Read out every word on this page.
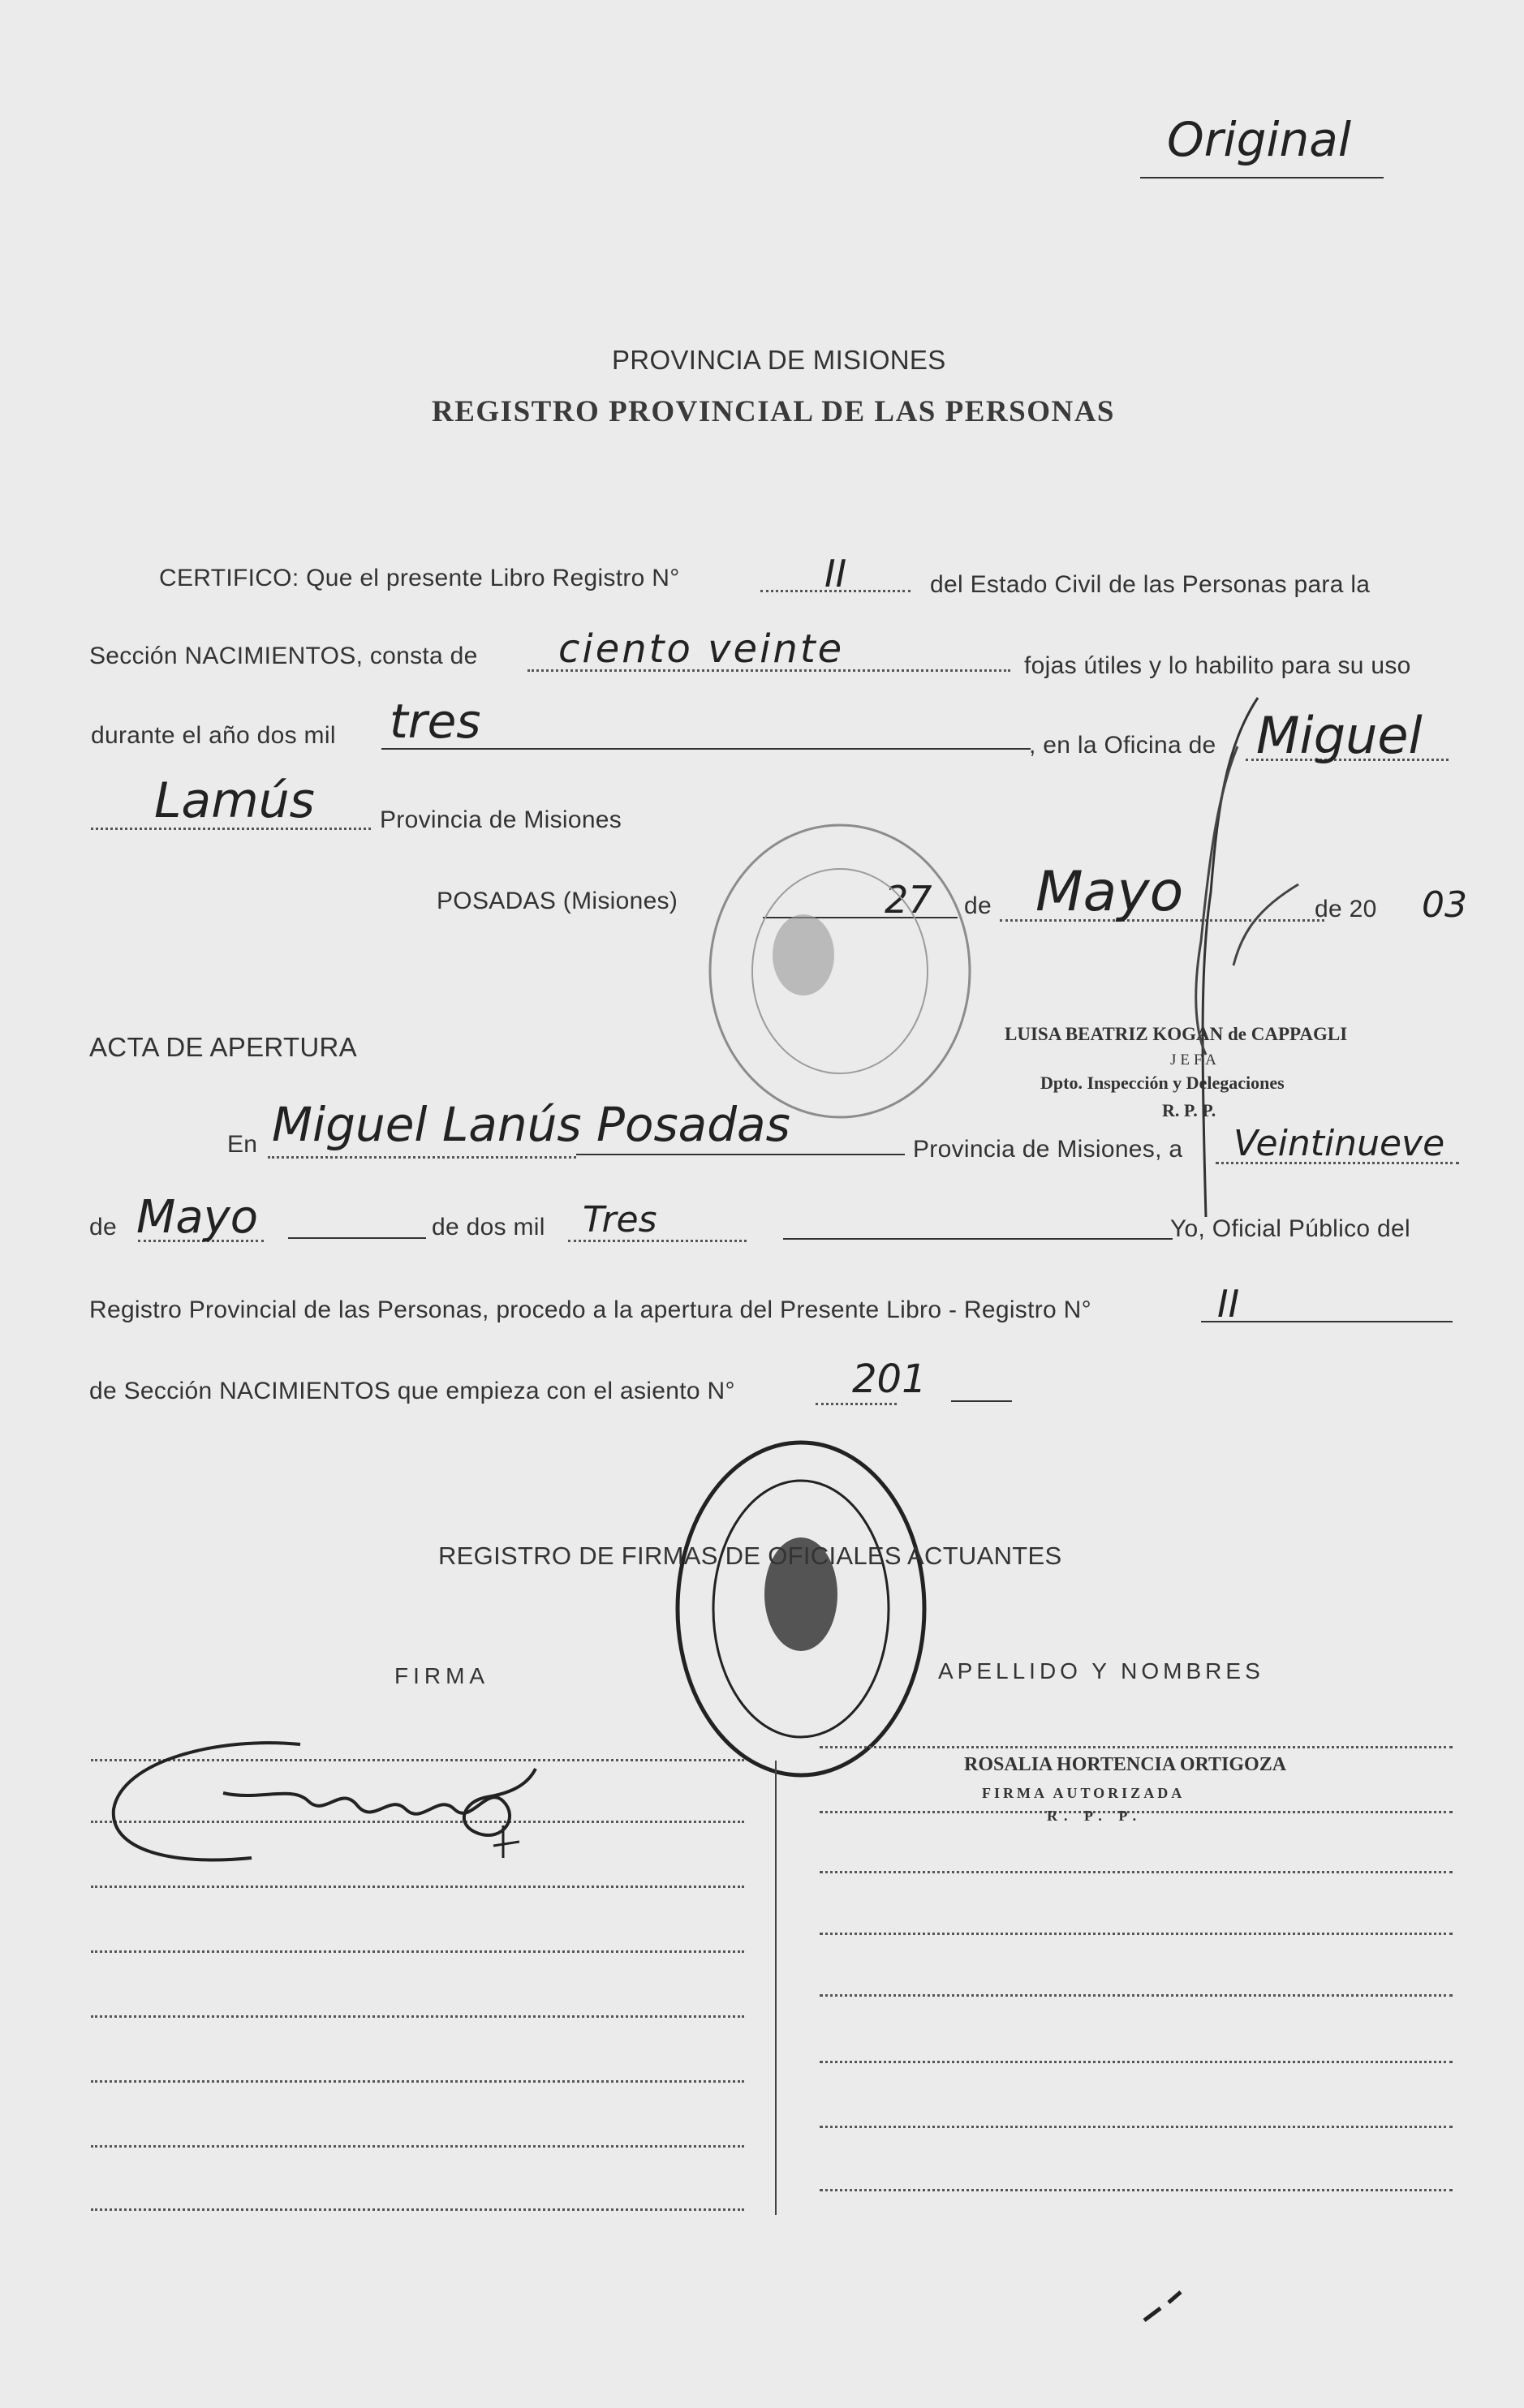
Original
PROVINCIA DE MISIONES
REGISTRO PROVINCIAL DE LAS PERSONAS
CERTIFICO: Que el presente Libro Registro N°	II	del Estado Civil de las Personas para la
Sección NACIMIENTOS, consta de ciento veinte	fojas útiles y lo habilito para su uso
durante el año dos mil tres	, en la Oficina de Miguel
Lamús	Provincia de Misiones
POSADAS (Misiones)	27 de Mayo	de 20 03
LUISA BEATRIZ KOGAN de CAPPAGLI
JEFA
Dpto. Inspección y Delegaciones
R. P. P.
ACTA DE APERTURA
En Miguel Lanús Posadas	Provincia de Misiones, a Veintinueve
de Mayo	de dos mil Tres	Yo, Oficial Público del
Registro Provincial de las Personas, procedo a la apertura del Presente Libro - Registro N°	II
de Sección NACIMIENTOS que empieza con el asiento N°	201
REGISTRO DE FIRMAS DE OFICIALES ACTUANTES
FIRMA	APELLIDO Y NOMBRES
ROSALIA HORTENCIA ORTIGOZA
FIRMA AUTORIZADA
R. P. P.
